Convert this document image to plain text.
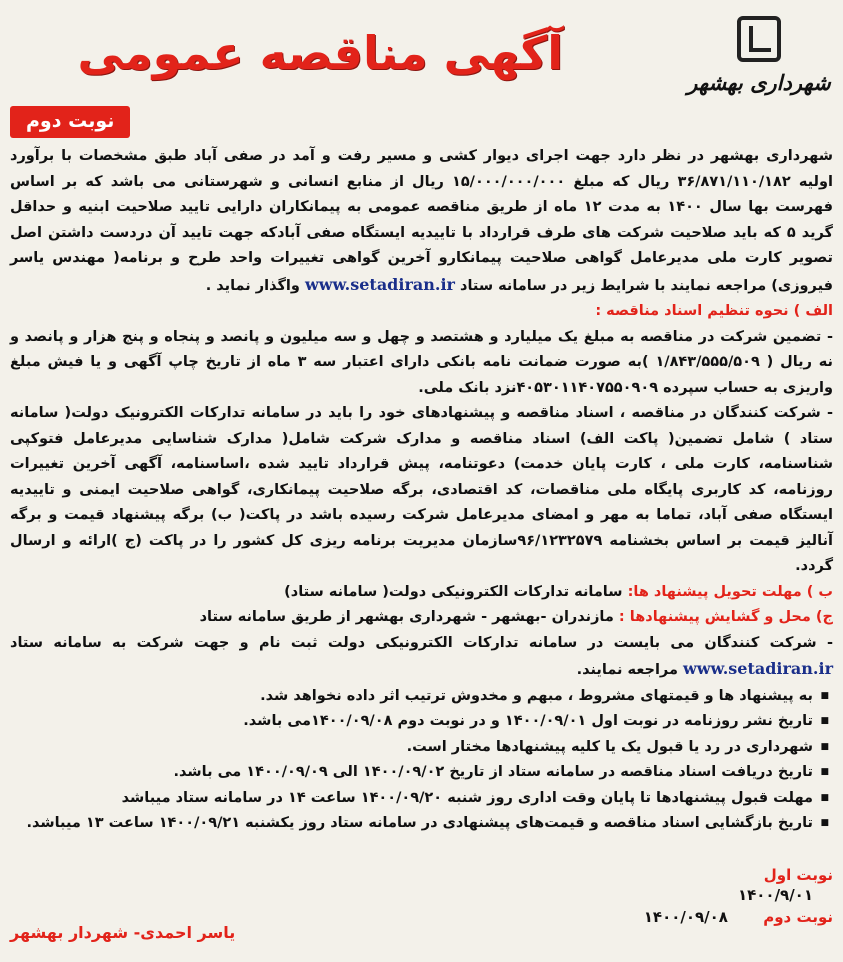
شهرداری بهشهر
آگهی مناقصه عمومی
نوبت دوم

شهرداری بهشهر در نظر دارد جهت اجرای دیوار کشی و مسیر رفت و آمد در صفی آباد طبق مشخصات با برآورد اولیه ۳۶/۸۷۱/۱۱۰/۱۸۲ ریال که مبلغ ۱۵/۰۰۰/۰۰۰/۰۰۰ ریال از منابع انسانی و شهرستانی می باشد که بر اساس فهرست بها سال ۱۴۰۰ به مدت ۱۲ ماه از طریق مناقصه عمومی به پیمانکاران دارایی تایید صلاحیت ابنیه و حداقل گرید ۵ که باید صلاحیت شرکت های طرف قرارداد با تاییدیه ایستگاه صفی آبادکه جهت تایید آن دردست داشتن اصل تصویر کارت ملی مدیرعامل گواهی صلاحیت پیمانکارو آخرین گواهی تغییرات واحد طرح و برنامه( مهندس یاسر فیروزی) مراجعه نمایند با شرایط زیر در سامانه ستاد www.setadiran.ir واگذار نماید .

الف ) نحوه تنظیم اسناد مناقصه :

- تضمین شرکت در مناقصه به مبلغ یک میلیارد و هشتصد و چهل و سه میلیون و پانصد و پنجاه و پنج هزار و پانصد و نه ریال ( ۱/۸۴۳/۵۵۵/۵۰۹ )به صورت ضمانت نامه بانکی دارای اعتبار سه ۳ ماه از تاریخ چاپ آگهی و یا فیش مبلغ واریزی به حساب سپرده ۴۰۵۳۰۱۱۴۰۷۵۵۰۹۰۹نزد بانک ملی.

- شرکت کنندگان در مناقصه ، اسناد مناقصه و پیشنهادهای خود را باید در سامانه تدارکات الکترونیک دولت( سامانه ستاد ) شامل تضمین( پاکت الف) اسناد مناقصه و مدارک شرکت شامل( مدارک شناسایی مدیرعامل فتوکپی شناسنامه، کارت ملی ، کارت پایان خدمت) دعوتنامه، پیش قرارداد تایید شده ،اساسنامه، آگهی آخرین تغییرات روزنامه، کد کاربری پایگاه ملی مناقصات، کد اقتصادی، برگه صلاحیت پیمانکاری، گواهی صلاحیت ایمنی و تاییدیه ایستگاه صفی آباد، تماما به مهر و امضای مدیرعامل شرکت رسیده باشد در پاکت( ب) برگه پیشنهاد قیمت و برگه آنالیز قیمت بر اساس بخشنامه ۹۶/۱۲۳۲۵۷۹سازمان مدیریت برنامه ریزی کل کشور را در پاکت (ج )ارائه و ارسال گردد.

ب ) مهلت تحویل پیشنهاد ها: سامانه تدارکات الکترونیکی دولت( سامانه ستاد)

ج) محل و گشایش پیشنهادها : مازندران -بهشهر - شهرداری بهشهر از طریق سامانه ستاد

- شرکت کنندگان می بایست در سامانه تدارکات الکترونیکی دولت ثبت نام و جهت شرکت به سامانه ستاد www.setadiran.ir مراجعه نمایند.

■ به پیشنهاد ها و قیمتهای مشروط ، مبهم و مخدوش ترتیب اثر داده نخواهد شد.
■ تاریخ نشر روزنامه در نوبت اول ۱۴۰۰/۰۹/۰۱ و در نوبت دوم ۱۴۰۰/۰۹/۰۸می باشد.
■ شهرداری در رد یا قبول یک یا کلیه پیشنهادها مختار است.
■ تاریخ دریافت اسناد مناقصه در سامانه ستاد از تاریخ ۱۴۰۰/۰۹/۰۲ الی ۱۴۰۰/۰۹/۰۹ می باشد.
■ مهلت قبول پیشنهادها تا پایان وقت اداری روز شنبه ۱۴۰۰/۰۹/۲۰ ساعت ۱۴ در سامانه ستاد میباشد
■ تاریخ بازگشایی اسناد مناقصه و قیمت‌های پیشنهادی در سامانه ستاد روز یکشنبه ۱۴۰۰/۰۹/۲۱ ساعت ۱۳ میباشد.
نوبت اول
۱۴۰۰/۹/۰۱
نوبت دوم ۱۴۰۰/۰۹/۰۸
یاسر احمدی- شهردار بهشهر
